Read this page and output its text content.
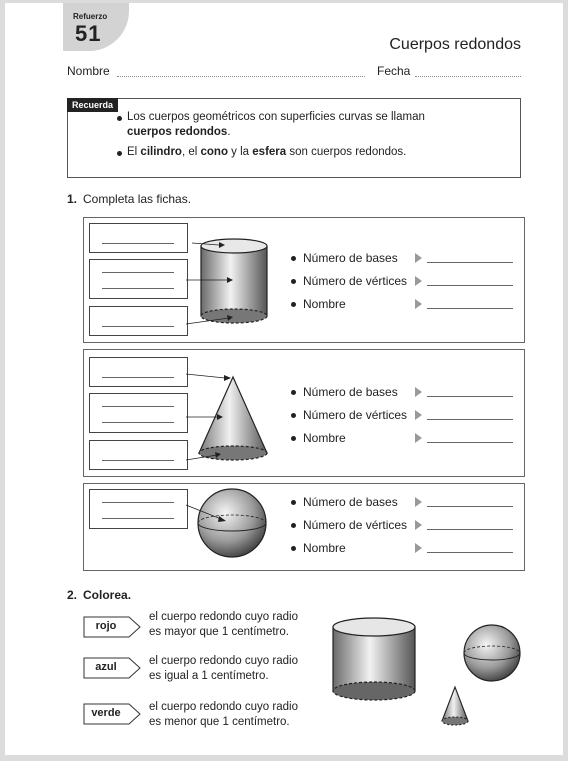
Refuerzo
51	Cuerpos redondos
Nombre	Fecha
Recuerda
Los cuerpos geométricos con superficies curvas se llaman
cuerpos redondos.
El cilindro, el cono y la esfera son cuerpos redondos.
1. Completa las fichas.
Número de bases
Número de vértices
Nombre
Número de bases
Número de vértices
Nombre
Número de bases
Número de vértices
Nombre
2. Colorea.
rojo
el cuerpo redondo cuyo radio
es mayor que 1 centímetro.
azul	el cuerpo redondo cuyo radio
es igual a 1 centímetro.
verde	el cuerpo redondo cuyo radio
es menor que 1 centímetro.
